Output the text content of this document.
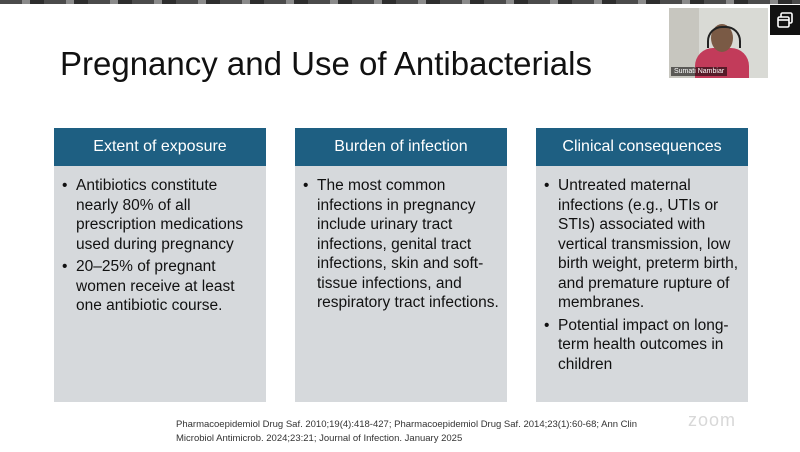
Pregnancy and Use of Antibacterials
Extent of exposure
• Antibiotics constitute nearly 80% of all prescription medications used during pregnancy
• 20–25% of pregnant women receive at least one antibiotic course.
Burden of infection
• The most common infections in pregnancy include urinary tract infections, genital tract infections, skin and soft-tissue infections, and respiratory tract infections.
Clinical consequences
• Untreated maternal infections (e.g., UTIs or STIs) associated with vertical transmission, low birth weight, preterm birth, and premature rupture of membranes.
• Potential impact on long-term health outcomes in children
Pharmacoepidemiol Drug Saf. 2010;19(4):418-427; Pharmacoepidemiol Drug Saf. 2014;23(1):60-68; Ann Clin Microbiol Antimicrob. 2024;23:21; Journal of Infection. January 2025
zoom
Sumati Nambiar
